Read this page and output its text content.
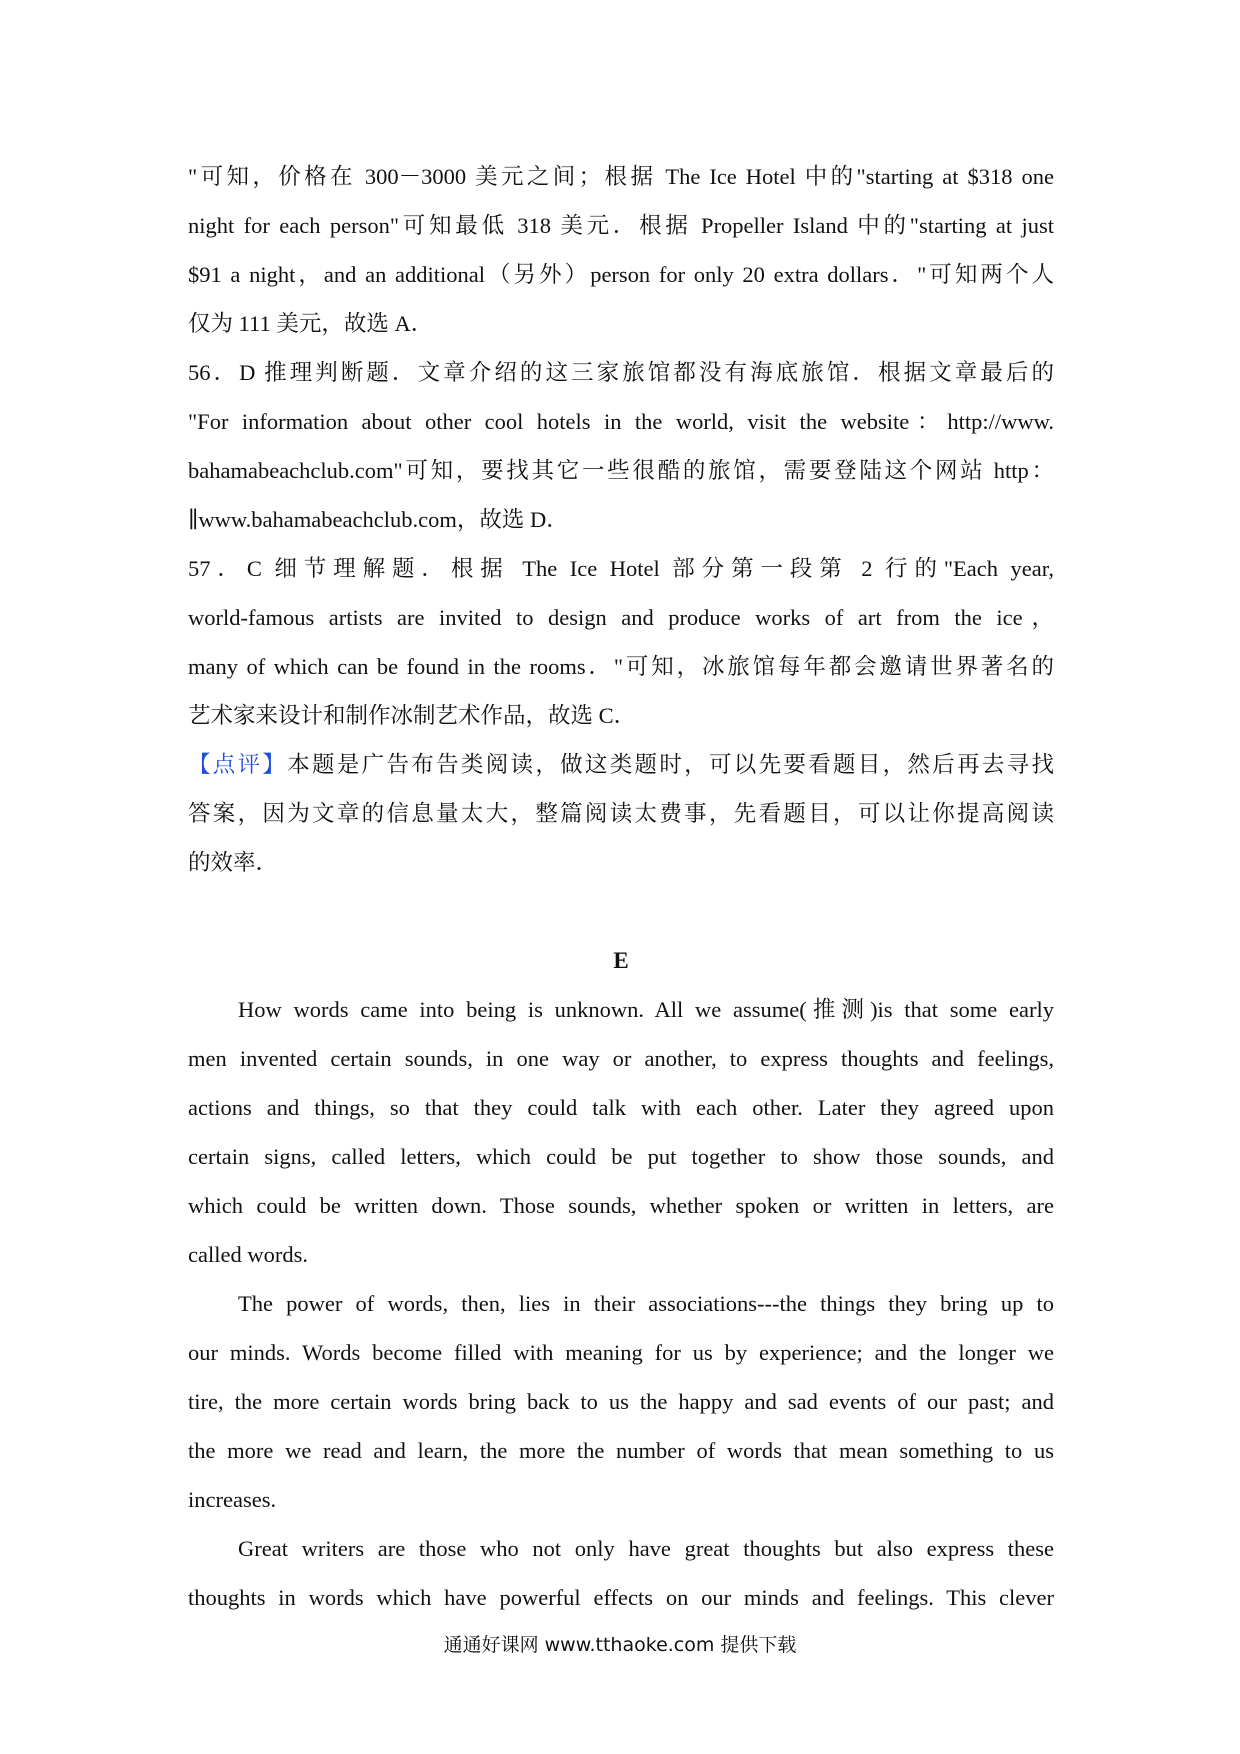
"可知，价格在 300－3000 美元之间；根据 The Ice Hotel 中的"starting at $318 one
night for each person"可知最低 318 美元．根据 Propeller Island 中的"starting at just
$91 a night，and an additional（另外）person for only 20 extra dollars．"可知两个人
仅为 111 美元，故选 A．
56．D 推理判断题．文章介绍的这三家旅馆都没有海底旅馆．根据文章最后的
"For information about other cool hotels in the world, visit the website：http://www.
bahamabeachclub.com"可知，要找其它一些很酷的旅馆，需要登陆这个网站 http：
∥www.bahamabeachclub.com，故选 D．
57．C 细节理解题．根据 The Ice Hotel 部分第一段第 2 行的"Each year,
world-famous artists are invited to design and produce works of art from the ice，
many of which can be found in the rooms．"可知，冰旅馆每年都会邀请世界著名的
艺术家来设计和制作冰制艺术作品，故选 C．
【点评】本题是广告布告类阅读，做这类题时，可以先要看题目，然后再去寻找
答案，因为文章的信息量太大，整篇阅读太费事，先看题目，可以让你提高阅读
的效率．
E
How words came into being is unknown. All we assume(推测)is that some early
men invented certain sounds, in one way or another, to express thoughts and feelings,
actions and things, so that they could talk with each other. Later they agreed upon
certain signs, called letters, which could be put together to show those sounds, and
which could be written down. Those sounds, whether spoken or written in letters, are
called words.
The power of words, then, lies in their associations---the things they bring up to
our minds. Words become filled with meaning for us by experience; and the longer we
tire, the more certain words bring back to us the happy and sad events of our past; and
the more we read and learn, the more the number of words that mean something to us
increases.
Great writers are those who not only have great thoughts but also express these
thoughts in words which have powerful effects on our minds and feelings. This clever
通通好课网 www.tthaoke.com 提供下载
